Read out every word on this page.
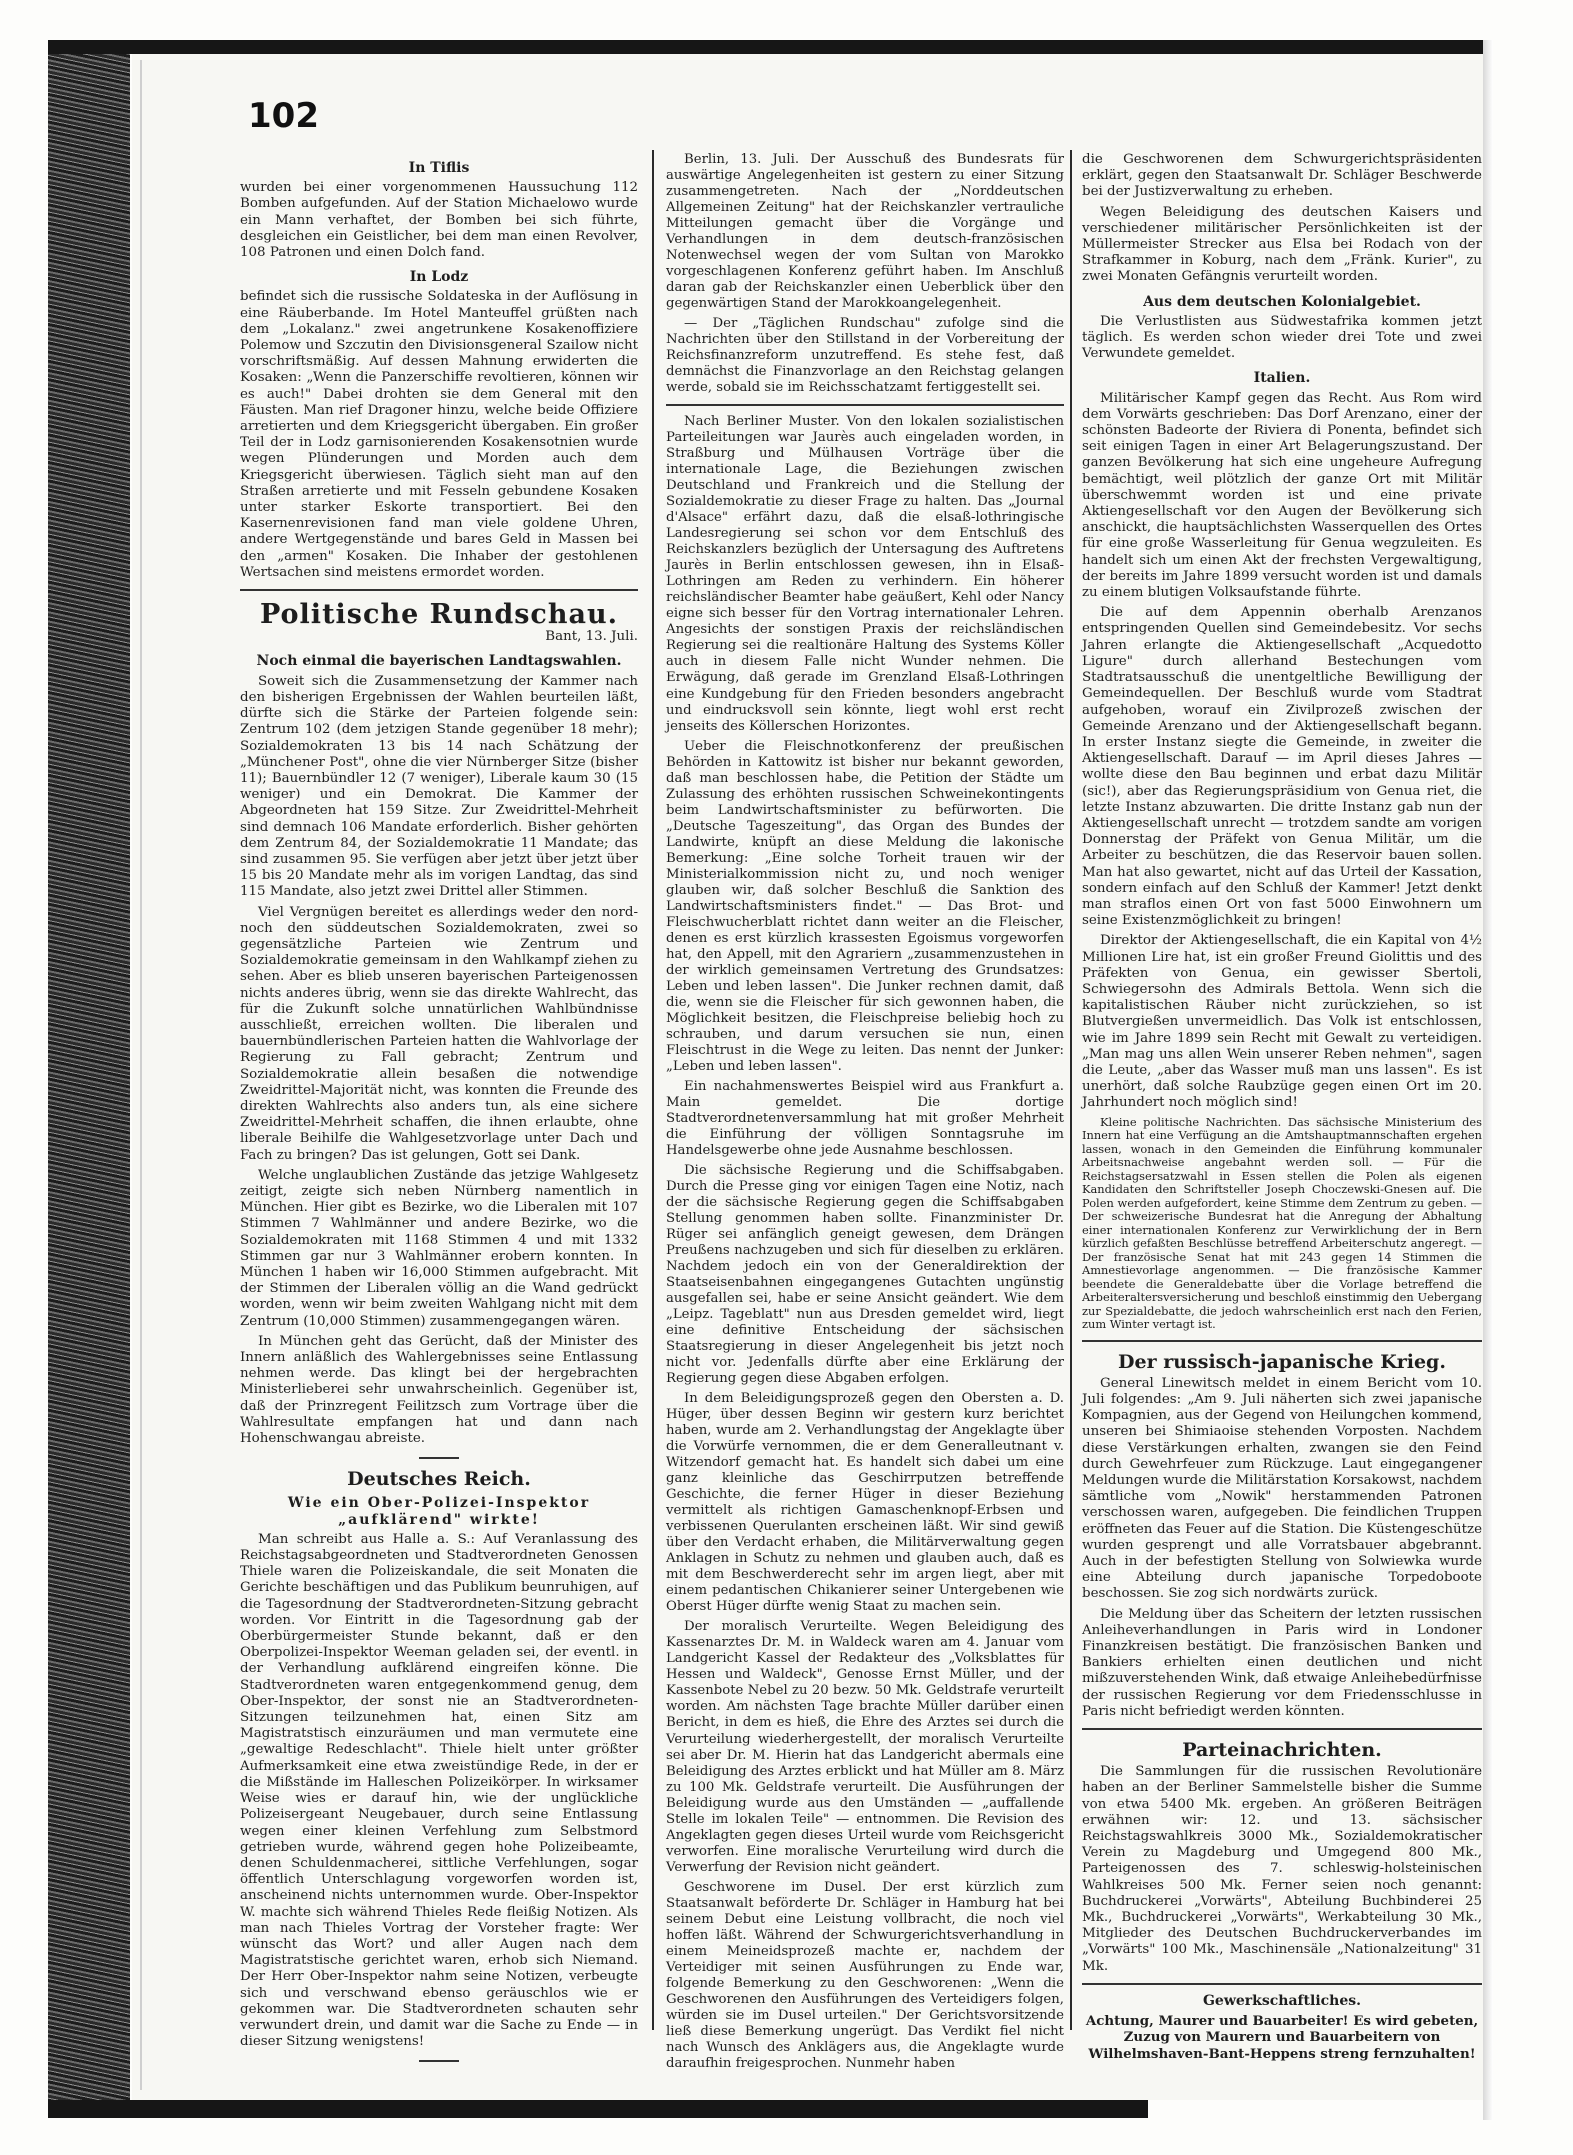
102
In Tiflis

wurden bei einer vorgenommenen Haussuchung 112 Bomben aufgefunden. Auf der Station Michaelowo wurde ein Mann verhaftet, der Bomben bei sich führte, desgleichen ein Geistlicher, bei dem man einen Revolver, 108 Patronen und einen Dolch fand.

In Lodz

befindet sich die russische Soldateska in der Auflösung in eine Räuberbande. Im Hotel Manteuffel grüßten nach dem „Lokalanz." zwei angetrunkene Kosakenoffiziere Polemow und Szczutin den Divisionsgeneral Szailow nicht vorschriftsmäßig. Auf dessen Mahnung erwiderten die Kosaken: „Wenn die Panzerschiffe revoltieren, können wir es auch!" Dabei drohten sie dem General mit den Fäusten. Man rief Dragoner hinzu, welche beide Offiziere arretierten und dem Kriegsgericht übergaben. Ein großer Teil der in Lodz garnisonierenden Kosakensotnien wurde wegen Plünderungen und Morden auch dem Kriegsgericht überwiesen. Täglich sieht man auf den Straßen arretierte und mit Fesseln gebundene Kosaken unter starker Eskorte transportiert. Bei den Kasernenrevisionen fand man viele goldene Uhren, andere Wertgegenstände und bares Geld in Massen bei den „armen" Kosaken. Die Inhaber der gestohlenen Wertsachen sind meistens ermordet worden.

Politische Rundschau.
Bant, 13. Juli.
Noch einmal die bayerischen Landtagswahlen.

Soweit sich die Zusammensetzung der Kammer nach den bisherigen Ergebnissen der Wahlen beurteilen läßt, dürfte sich die Stärke der Parteien folgende sein: Zentrum 102 (dem jetzigen Stande gegenüber 18 mehr); Sozialdemokraten 13 bis 14 nach Schätzung der „Münchener Post", ohne die vier Nürnberger Sitze (bisher 11); Bauernbündler 12 (7 weniger), Liberale kaum 30 (15 weniger) und ein Demokrat. Die Kammer der Abgeordneten hat 159 Sitze. Zur Zweidrittel-Mehrheit sind demnach 106 Mandate erforderlich. Bisher gehörten dem Zentrum 84, der Sozialdemokratie 11 Mandate; das sind zusammen 95. Sie verfügen aber jetzt über jetzt über 15 bis 20 Mandate mehr als im vorigen Landtag, das sind 115 Mandate, also jetzt zwei Drittel aller Stimmen.

Viel Vergnügen bereitet es allerdings weder den nord- noch den süddeutschen Sozialdemokraten, zwei so gegensätzliche Parteien wie Zentrum und Sozialdemokratie gemeinsam in den Wahlkampf ziehen zu sehen. Aber es blieb unseren bayerischen Parteigenossen nichts anderes übrig, wenn sie das direkte Wahlrecht, das für die Zukunft solche unnatürlichen Wahlbündnisse ausschließt, erreichen wollten. Die liberalen und bauernbündlerischen Parteien hatten die Wahlvorlage der Regierung zu Fall gebracht; Zentrum und Sozialdemokratie allein besaßen die notwendige Zweidrittel-Majorität nicht, was konnten die Freunde des direkten Wahlrechts also anders tun, als eine sichere Zweidrittel-Mehrheit schaffen, die ihnen erlaubte, ohne liberale Beihilfe die Wahlgesetzvorlage unter Dach und Fach zu bringen? Das ist gelungen, Gott sei Dank.

Welche unglaublichen Zustände das jetzige Wahlgesetz zeitigt, zeigte sich neben Nürnberg namentlich in München. Hier gibt es Bezirke, wo die Liberalen mit 107 Stimmen 7 Wahlmänner und andere Bezirke, wo die Sozialdemokraten mit 1168 Stimmen 4 und mit 1332 Stimmen gar nur 3 Wahlmänner erobern konnten. In München 1 haben wir 16,000 Stimmen aufgebracht. Mit der Stimmen der Liberalen völlig an die Wand gedrückt worden, wenn wir beim zweiten Wahlgang nicht mit dem Zentrum (10,000 Stimmen) zusammengegangen wären.

In München geht das Gerücht, daß der Minister des Innern anläßlich des Wahlergebnisses seine Entlassung nehmen werde. Das klingt bei der hergebrachten Ministerlieberei sehr unwahrscheinlich. Gegenüber ist, daß der Prinzregent Feilitzsch zum Vortrage über die Wahlresultate empfangen hat und dann nach Hohenschwangau abreiste.

Deutsches Reich.
Wie ein Ober-Polizei-Inspektor „aufklärend" wirkte!

Man schreibt aus Halle a. S.: Auf Veranlassung des Reichstagsabgeordneten und Stadtverordneten Genossen Thiele waren die Polizeiskandale, die seit Monaten die Gerichte beschäftigen und das Publikum beunruhigen, auf die Tagesordnung der Stadtverordneten-Sitzung gebracht worden. Vor Eintritt in die Tagesordnung gab der Oberbürgermeister Stunde bekannt, daß er den Oberpolizei-Inspektor Weeman geladen sei, der eventl. in der Verhandlung aufklärend eingreifen könne. Die Stadtverordneten waren entgegenkommend genug, dem Ober-Inspektor, der sonst nie an Stadtverordneten-Sitzungen teilzunehmen hat, einen Sitz am Magistratstisch einzuräumen und man vermutete eine „gewaltige Redeschlacht". Thiele hielt unter größter Aufmerksamkeit eine etwa zweistündige Rede, in der er die Mißstände im Halleschen Polizeikörper. In wirksamer Weise wies er darauf hin, wie der unglückliche Polizeisergeant Neugebauer, durch seine Entlassung wegen einer kleinen Verfehlung zum Selbstmord getrieben wurde, während gegen hohe Polizeibeamte, denen Schuldenmacherei, sittliche Verfehlungen, sogar öffentlich Unterschlagung vorgeworfen worden ist, anscheinend nichts unternommen wurde. Ober-Inspektor W. machte sich während Thieles Rede fleißig Notizen. Als man nach Thieles Vortrag der Vorsteher fragte: Wer wünscht das Wort? und aller Augen nach dem Magistratstische gerichtet waren, erhob sich Niemand. Der Herr Ober-Inspektor nahm seine Notizen, verbeugte sich und verschwand ebenso geräuschlos wie er gekommen war. Die Stadtverordneten schauten sehr verwundert drein, und damit war die Sache zu Ende — in dieser Sitzung wenigstens!

Berlin, 13. Juli. Der Ausschuß des Bundesrats für auswärtige Angelegenheiten ist gestern zu einer Sitzung zusammengetreten. Nach der „Norddeutschen Allgemeinen Zeitung" hat der Reichskanzler vertrauliche Mitteilungen gemacht über die Vorgänge und Verhandlungen in dem deutsch-französischen Notenwechsel wegen der vom Sultan von Marokko vorgeschlagenen Konferenz geführt haben. Im Anschluß daran gab der Reichskanzler einen Ueberblick über den gegenwärtigen Stand der Marokkoangelegenheit.

— Der „Täglichen Rundschau" zufolge sind die Nachrichten über den Stillstand in der Vorbereitung der Reichsfinanzreform unzutreffend. Es stehe fest, daß demnächst die Finanzvorlage an den Reichstag gelangen werde, sobald sie im Reichsschatzamt fertiggestellt sei.

Nach Berliner Muster. Von den lokalen sozialistischen Parteileitungen war Jaurès auch eingeladen worden, in Straßburg und Mülhausen Vorträge über die internationale Lage, die Beziehungen zwischen Deutschland und Frankreich und die Stellung der Sozialdemokratie zu dieser Frage zu halten. Das „Journal d'Alsace" erfährt dazu, daß die elsaß-lothringische Landesregierung sei schon vor dem Entschluß des Reichskanzlers bezüglich der Untersagung des Auftretens Jaurès in Berlin entschlossen gewesen, ihn in Elsaß-Lothringen am Reden zu verhindern. Ein höherer reichsländischer Beamter habe geäußert, Kehl oder Nancy eigne sich besser für den Vortrag internationaler Lehren. Angesichts der sonstigen Praxis der reichsländischen Regierung sei die realtionäre Haltung des Systems Köller auch in diesem Falle nicht Wunder nehmen. Die Erwägung, daß gerade im Grenzland Elsaß-Lothringen eine Kundgebung für den Frieden besonders angebracht und eindrucksvoll sein könnte, liegt wohl erst recht jenseits des Köllerschen Horizontes.

Ueber die Fleischnotkonferenz der preußischen Behörden in Kattowitz ist bisher nur bekannt geworden, daß man beschlossen habe, die Petition der Städte um Zulassung des erhöhten russischen Schweinekontingents beim Landwirtschaftsminister zu befürworten. Die „Deutsche Tageszeitung", das Organ des Bundes der Landwirte, knüpft an diese Meldung die lakonische Bemerkung: „Eine solche Torheit trauen wir der Ministerialkommission nicht zu, und noch weniger glauben wir, daß solcher Beschluß die Sanktion des Landwirtschaftsministers findet." — Das Brot- und Fleischwucherblatt richtet dann weiter an die Fleischer, denen es erst kürzlich krassesten Egoismus vorgeworfen hat, den Appell, mit den Agrariern „zusammenzustehen in der wirklich gemeinsamen Vertretung des Grundsatzes: Leben und leben lassen". Die Junker rechnen damit, daß die, wenn sie die Fleischer für sich gewonnen haben, die Möglichkeit besitzen, die Fleischpreise beliebig hoch zu schrauben, und darum versuchen sie nun, einen Fleischtrust in die Wege zu leiten. Das nennt der Junker: „Leben und leben lassen".

Ein nachahmenswertes Beispiel wird aus Frankfurt a. Main gemeldet. Die dortige Stadtverordnetenversammlung hat mit großer Mehrheit die Einführung der völligen Sonntagsruhe im Handelsgewerbe ohne jede Ausnahme beschlossen.

Die sächsische Regierung und die Schiffsabgaben. Durch die Presse ging vor einigen Tagen eine Notiz, nach der die sächsische Regierung gegen die Schiffsabgaben Stellung genommen haben sollte. Finanzminister Dr. Rüger sei anfänglich geneigt gewesen, dem Drängen Preußens nachzugeben und sich für dieselben zu erklären. Nachdem jedoch ein von der Generaldirektion der Staatseisenbahnen eingegangenes Gutachten ungünstig ausgefallen sei, habe er seine Ansicht geändert. Wie dem „Leipz. Tageblatt" nun aus Dresden gemeldet wird, liegt eine definitive Entscheidung der sächsischen Staatsregierung in dieser Angelegenheit bis jetzt noch nicht vor. Jedenfalls dürfte aber eine Erklärung der Regierung gegen diese Abgaben erfolgen.

In dem Beleidigungsprozeß gegen den Obersten a. D. Hüger, über dessen Beginn wir gestern kurz berichtet haben, wurde am 2. Verhandlungstag der Angeklagte über die Vorwürfe vernommen, die er dem Generalleutnant v. Witzendorf gemacht hat. Es handelt sich dabei um eine ganz kleinliche das Geschirrputzen betreffende Geschichte, die ferner Hüger in dieser Beziehung vermittelt als richtigen Gamaschenknopf-Erbsen und verbissenen Querulanten erscheinen läßt. Wir sind gewiß über den Verdacht erhaben, die Militärverwaltung gegen Anklagen in Schutz zu nehmen und glauben auch, daß es mit dem Beschwerderecht sehr im argen liegt, aber mit einem pedantischen Chikanierer seiner Untergebenen wie Oberst Hüger dürfte wenig Staat zu machen sein.

Der moralisch Verurteilte. Wegen Beleidigung des Kassenarztes Dr. M. in Waldeck waren am 4. Januar vom Landgericht Kassel der Redakteur des „Volksblattes für Hessen und Waldeck", Genosse Ernst Müller, und der Kassenbote Nebel zu 20 bezw. 50 Mk. Geldstrafe verurteilt worden. Am nächsten Tage brachte Müller darüber einen Bericht, in dem es hieß, die Ehre des Arztes sei durch die Verurteilung wiederhergestellt, der moralisch Verurteilte sei aber Dr. M. Hierin hat das Landgericht abermals eine Beleidigung des Arztes erblickt und hat Müller am 8. März zu 100 Mk. Geldstrafe verurteilt. Die Ausführungen der Beleidigung wurde aus den Umständen — „auffallende Stelle im lokalen Teile" — entnommen. Die Revision des Angeklagten gegen dieses Urteil wurde vom Reichsgericht verworfen. Eine moralische Verurteilung wird durch die Verwerfung der Revision nicht geändert.

Geschworene im Dusel. Der erst kürzlich zum Staatsanwalt beförderte Dr. Schläger in Hamburg hat bei seinem Debut eine Leistung vollbracht, die noch viel hoffen läßt. Während der Schwurgerichtsverhandlung in einem Meineidsprozeß machte er, nachdem der Verteidiger mit seinen Ausführungen zu Ende war, folgende Bemerkung zu den Geschworenen: „Wenn die Geschworenen den Ausführungen des Verteidigers folgen, würden sie im Dusel urteilen." Der Gerichtsvorsitzende ließ diese Bemerkung ungerügt. Das Verdikt fiel nicht nach Wunsch des Anklägers aus, die Angeklagte wurde daraufhin freigesprochen. Nunmehr haben

die Geschworenen dem Schwurgerichtspräsidenten erklärt, gegen den Staatsanwalt Dr. Schläger Beschwerde bei der Justizverwaltung zu erheben.

Wegen Beleidigung des deutschen Kaisers und verschiedener militärischer Persönlichkeiten ist der Müllermeister Strecker aus Elsa bei Rodach von der Strafkammer in Koburg, nach dem „Fränk. Kurier", zu zwei Monaten Gefängnis verurteilt worden.

Aus dem deutschen Kolonialgebiet.

Die Verlustlisten aus Südwestafrika kommen jetzt täglich. Es werden schon wieder drei Tote und zwei Verwundete gemeldet.

Italien.

Militärischer Kampf gegen das Recht. Aus Rom wird dem Vorwärts geschrieben: Das Dorf Arenzano, einer der schönsten Badeorte der Riviera di Ponenta, befindet sich seit einigen Tagen in einer Art Belagerungszustand. Der ganzen Bevölkerung hat sich eine ungeheure Aufregung bemächtigt, weil plötzlich der ganze Ort mit Militär überschwemmt worden ist und eine private Aktiengesellschaft vor den Augen der Bevölkerung sich anschickt, die hauptsächlichsten Wasserquellen des Ortes für eine große Wasserleitung für Genua wegzuleiten. Es handelt sich um einen Akt der frechsten Vergewaltigung, der bereits im Jahre 1899 versucht worden ist und damals zu einem blutigen Volksaufstande führte.

Die auf dem Appennin oberhalb Arenzanos entspringenden Quellen sind Gemeindebesitz. Vor sechs Jahren erlangte die Aktiengesellschaft „Acquedotto Ligure" durch allerhand Bestechungen vom Stadtratsausschuß die unentgeltliche Bewilligung der Gemeindequellen. Der Beschluß wurde vom Stadtrat aufgehoben, worauf ein Zivilprozeß zwischen der Gemeinde Arenzano und der Aktiengesellschaft begann. In erster Instanz siegte die Gemeinde, in zweiter die Aktiengesellschaft. Darauf — im April dieses Jahres — wollte diese den Bau beginnen und erbat dazu Militär (sic!), aber das Regierungspräsidium von Genua riet, die letzte Instanz abzuwarten. Die dritte Instanz gab nun der Aktiengesellschaft unrecht — trotzdem sandte am vorigen Donnerstag der Präfekt von Genua Militär, um die Arbeiter zu beschützen, die das Reservoir bauen sollen. Man hat also gewartet, nicht auf das Urteil der Kassation, sondern einfach auf den Schluß der Kammer! Jetzt denkt man straflos einen Ort von fast 5000 Einwohnern um seine Existenzmöglichkeit zu bringen!

Direktor der Aktiengesellschaft, die ein Kapital von 4½ Millionen Lire hat, ist ein großer Freund Giolittis und des Präfekten von Genua, ein gewisser Sbertoli, Schwiegersohn des Admirals Bettola. Wenn sich die kapitalistischen Räuber nicht zurückziehen, so ist Blutvergießen unvermeidlich. Das Volk ist entschlossen, wie im Jahre 1899 sein Recht mit Gewalt zu verteidigen. „Man mag uns allen Wein unserer Reben nehmen", sagen die Leute, „aber das Wasser muß man uns lassen". Es ist unerhört, daß solche Raubzüge gegen einen Ort im 20. Jahrhundert noch möglich sind!

Kleine politische Nachrichten. Das sächsische Ministerium des Innern hat eine Verfügung an die Amtshauptmannschaften ergehen lassen, wonach in den Gemeinden die Einführung kommunaler Arbeitsnachweise angebahnt werden soll. — Für die Reichstagsersatzwahl in Essen stellen die Polen als eigenen Kandidaten den Schriftsteller Joseph Choczewski-Gnesen auf. Die Polen werden aufgefordert, keine Stimme dem Zentrum zu geben. — Der schweizerische Bundesrat hat die Anregung der Abhaltung einer internationalen Konferenz zur Verwirklichung der in Bern kürzlich gefaßten Beschlüsse betreffend Arbeiterschutz angeregt. — Der französische Senat hat mit 243 gegen 14 Stimmen die Amnestievorlage angenommen. — Die französische Kammer beendete die Generaldebatte über die Vorlage betreffend die Arbeiteraltersversicherung und beschloß einstimmig den Uebergang zur Spezialdebatte, die jedoch wahrscheinlich erst nach den Ferien, zum Winter vertagt ist.

Der russisch-japanische Krieg.

General Linewitsch meldet in einem Bericht vom 10. Juli folgendes: „Am 9. Juli näherten sich zwei japanische Kompagnien, aus der Gegend von Heilungchen kommend, unseren bei Shimiaoise stehenden Vorposten. Nachdem diese Verstärkungen erhalten, zwangen sie den Feind durch Gewehrfeuer zum Rückzuge. Laut eingegangener Meldungen wurde die Militärstation Korsakowst, nachdem sämtliche vom „Nowik" herstammenden Patronen verschossen waren, aufgegeben. Die feindlichen Truppen eröffneten das Feuer auf die Station. Die Küstengeschütze wurden gesprengt und alle Vorratsbauer abgebrannt. Auch in der befestigten Stellung von Solwiewka wurde eine Abteilung durch japanische Torpedoboote beschossen. Sie zog sich nordwärts zurück.

Die Meldung über das Scheitern der letzten russischen Anleiheverhandlungen in Paris wird in Londoner Finanzkreisen bestätigt. Die französischen Banken und Bankiers erhielten einen deutlichen und nicht mißzuverstehenden Wink, daß etwaige Anleihebedürfnisse der russischen Regierung vor dem Friedensschlusse in Paris nicht befriedigt werden könnten.

Parteinachrichten.

Die Sammlungen für die russischen Revolutionäre haben an der Berliner Sammelstelle bisher die Summe von etwa 5400 Mk. ergeben. An größeren Beiträgen erwähnen wir: 12. und 13. sächsischer Reichstagswahlkreis 3000 Mk., Sozialdemokratischer Verein zu Magdeburg und Umgegend 800 Mk., Parteigenossen des 7. schleswig-holsteinischen Wahlkreises 500 Mk. Ferner seien noch genannt: Buchdruckerei „Vorwärts", Abteilung Buchbinderei 25 Mk., Buchdruckerei „Vorwärts", Werkabteilung 30 Mk., Mitglieder des Deutschen Buchdruckerverbandes im „Vorwärts" 100 Mk., Maschinensäle „Nationalzeitung" 31 Mk.

Gewerkschaftliches.

Achtung, Maurer und Bauarbeiter! Es wird gebeten, Zuzug von Maurern und Bauarbeitern von Wilhelmshaven-Bant-Heppens streng fernzuhalten!
